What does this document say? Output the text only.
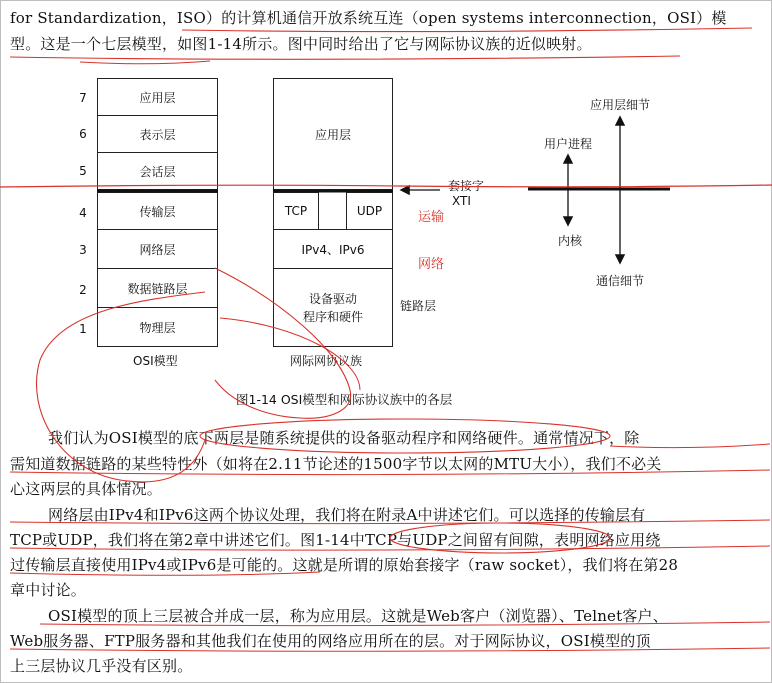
for Standardization，ISO）的计算机通信开放系统互连（open systems interconnection，OSI）模

型。这是一个七层模型，如图1-14所示。图中同时给出了它与网际协议族的近似映射。

7
6
5
4
3
2
1
应用层
表示层
会话层
传输层
网络层
数据链路层
物理层
OSI模型
应用层
TCP	UDP
IPv4、IPv6
设备驱动
程序和硬件
网际网协议族
套接字
XTI
链路层
运输
网络
应用层细节
用户进程
内核
通信细节
图1-14 OSI模型和网际协议族中的各层

我们认为OSI模型的底下两层是随系统提供的设备驱动程序和网络硬件。通常情况下，除

需知道数据链路的某些特性外（如将在2.11节论述的1500字节以太网的MTU大小），我们不必关

心这两层的具体情况。

网络层由IPv4和IPv6这两个协议处理，我们将在附录A中讲述它们。可以选择的传输层有

TCP或UDP，我们将在第2章中讲述它们。图1-14中TCP与UDP之间留有间隙，表明网络应用绕

过传输层直接使用IPv4或IPv6是可能的。这就是所谓的原始套接字（raw socket），我们将在第28

章中讨论。

OSI模型的顶上三层被合并成一层，称为应用层。这就是Web客户（浏览器）、Telnet客户、

Web服务器、FTP服务器和其他我们在使用的网络应用所在的层。对于网际协议，OSI模型的顶

上三层协议几乎没有区别。
